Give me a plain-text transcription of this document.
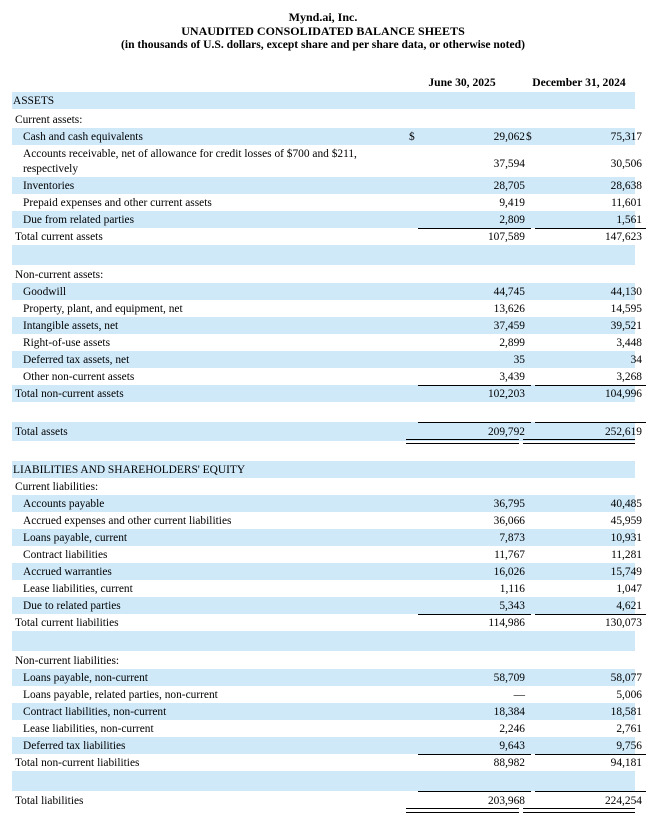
Mynd.ai, Inc.
UNAUDITED CONSOLIDATED BALANCE SHEETS
(in thousands of U.S. dollars, except share and per share data, or otherwise noted)
June 30, 2025	December 31, 2024
ASSETS
Current assets:
Cash and cash equivalents	$	29,062 $	75,317
Accounts receivable, net of allowance for credit losses of $700 and $211,
respectively	37,594	30,506
Inventories	28,705	28,638
Prepaid expenses and other current assets	9,419	11,601
Due from related parties	2,809	1,561
Total current assets	107,589	147,623
Non-current assets:
Goodwill	44,745	44,130
Property, plant, and equipment, net	13,626	14,595
Intangible assets, net	37,459	39,521
Right-of-use assets	2,899	3,448
Deferred tax assets, net	35	34
Other non-current assets	3,439	3,268
Total non-current assets	102,203	104,996
Total assets	209,792	252,619
LIABILITIES AND SHAREHOLDERS' EQUITY
Current liabilities:
Accounts payable	36,795	40,485
Accrued expenses and other current liabilities	36,066	45,959
Loans payable, current	7,873	10,931
Contract liabilities	11,767	11,281
Accrued warranties	16,026	15,749
Lease liabilities, current	1,116	1,047
Due to related parties	5,343	4,621
Total current liabilities	114,986	130,073
Non-current liabilities:
Loans payable, non-current	58,709	58,077
Loans payable, related parties, non-current	—	5,006
Contract liabilities, non-current	18,384	18,581
Lease liabilities, non-current	2,246	2,761
Deferred tax liabilities	9,643	9,756
Total non-current liabilities	88,982	94,181
Total liabilities	203,968	224,254
